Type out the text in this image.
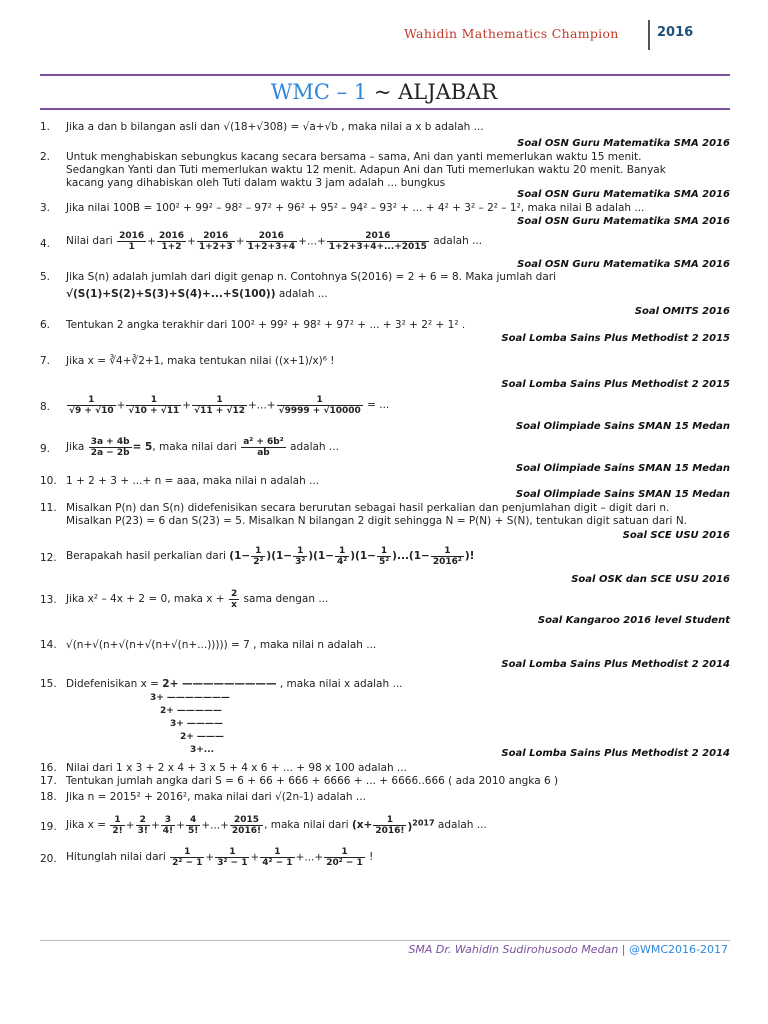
Wahidin Mathematics Champion	2016
WMC – 1 ~ ALJABAR
1.	Jika a dan b bilangan asli dan √(18+√308) = √a+√b , maka nilai a x b adalah ...
Soal OSN Guru Matematika SMA 2016
2.	Untuk menghabiskan sebungkus kacang secara bersama – sama, Ani dan yanti memerlukan waktu 15 menit.
Sedangkan Yanti dan Tuti memerlukan waktu 12 menit. Adapun Ani dan Tuti memerlukan waktu 20 menit. Banyak
kacang yang dihabiskan oleh Tuti dalam waktu 3 jam adalah ... bungkus
Soal OSN Guru Matematika SMA 2016
3.	Jika nilai 100B = 100² + 99² – 98² – 97² + 96² + 95² – 94² – 93² + ... + 4² + 3² – 2² – 1², maka nilai B adalah ...
Soal OSN Guru Matematika SMA 2016
4.	Nilai dari $\frac{2016}{1} + \frac{2016}{1+2} + \frac{2016}{1+2+3} + \frac{2016}{1+2+3+4}$ +...+ $\frac{2016}{1+2+3+4+...+2015}$ adalah ...
Soal OSN Guru Matematika SMA 2016
5.	Jika S(n) adalah jumlah dari digit genap n. Contohnya S(2016) = 2 + 6 = 8. Maka jumlah dari
√(S(1)+S(2)+S(3)+S(4)+...+S(100)) adalah ...
Soal OMITS 2016
6.	Tentukan 2 angka terakhir dari 100² + 99² + 98² + 97² + ... + 3² + 2² + 1² .
Soal Lomba Sains Plus Methodist 2 2015
7.	Jika x = ∛4+∛2+1, maka tentukan nilai ((x+1)/x)⁶ !
Soal Lomba Sains Plus Methodist 2 2015
8.	$\frac{1}{√9 + √10} + \frac{1}{√10 + √11} + \frac{1}{√11 + √12}$ +...+ $\frac{1}{√9999 + √10000}$ = ...
Soal Olimpiade Sains SMAN 15 Medan
9.	Jika $\frac{3a + 4b}{2a - 2b} = 5$, maka nilai dari $\frac{\text{a² + 6b²}}{ab}$ adalah ...
Soal Olimpiade Sains SMAN 15 Medan
10. 1 + 2 + 3 + ...+ n = aaa, maka nilai n adalah ...
Soal Olimpiade Sains SMAN 15 Medan
11. Misalkan P(n) dan S(n) didefenisikan secara berurutan sebagai hasil perkalian dan penjumlahan digit – digit dari n.
Misalkan P(23) = 6 dan S(23) = 5. Misalkan N bilangan 2 digit sehingga N = P(N) + S(N), tentukan digit satuan dari N.
Soal SCE USU 2016
12. Berapakah hasil perkalian dari $(1- \frac{1}{\text{2²}} )(1- \frac{1}{\text{3²}} )(1- \frac{1}{\text{4²}} )(1- \frac{1}{\text{5²}} )...(1- \frac{1}{\text{2016²}}$ )!
Soal OSK dan SCE USU 2016
13. Jika x² – 4x + 2 = 0, maka $x + \frac{2}{x}$ sama dengan ...
Soal Kangaroo 2016 level Student
14. √(n+√(n+√(n+√(n+√(n+...))))) = 7 , maka nilai n adalah ...
Soal Lomba Sains Plus Methodist 2 2014
15. Didefenisikan x = 2+ ————————— , maka nilai x adalah ...
3+ ———————
2+ —————
3+ ————
2+ ———
3+...	Soal Lomba Sains Plus Methodist 2 2014
16. Nilai dari 1 x 3 + 2 x 4 + 3 x 5 + 4 x 6 + ... + 98 x 100 adalah ...
17. Tentukan jumlah angka dari S = 6 + 66 + 666 + 6666 + ... + 6666..666 ( ada 2010 angka 6 )
18. Jika n = 2015² + 2016², maka nilai dari √(2n-1) adalah ...
19. Jika $x = \frac{1}{2!} + \frac{2}{3!} + \frac{3}{4!} + \frac{4}{5!}$ +...+ $\frac{2015}{2016!}$ , maka nilai dari $(x+ \frac{1}{2016!} )^{2017}$ adalah ...
20. Hitunglah nilai dari $\frac{1}{\text{2² − 1}} + \frac{1}{\text{3² − 1}} + \frac{1}{\text{4² − 1}}$ +...+ $\frac{1}{\text{20² − 1}}$ !
SMA Dr. Wahidin Sudirohusodo Medan | @WMC2016-2017
